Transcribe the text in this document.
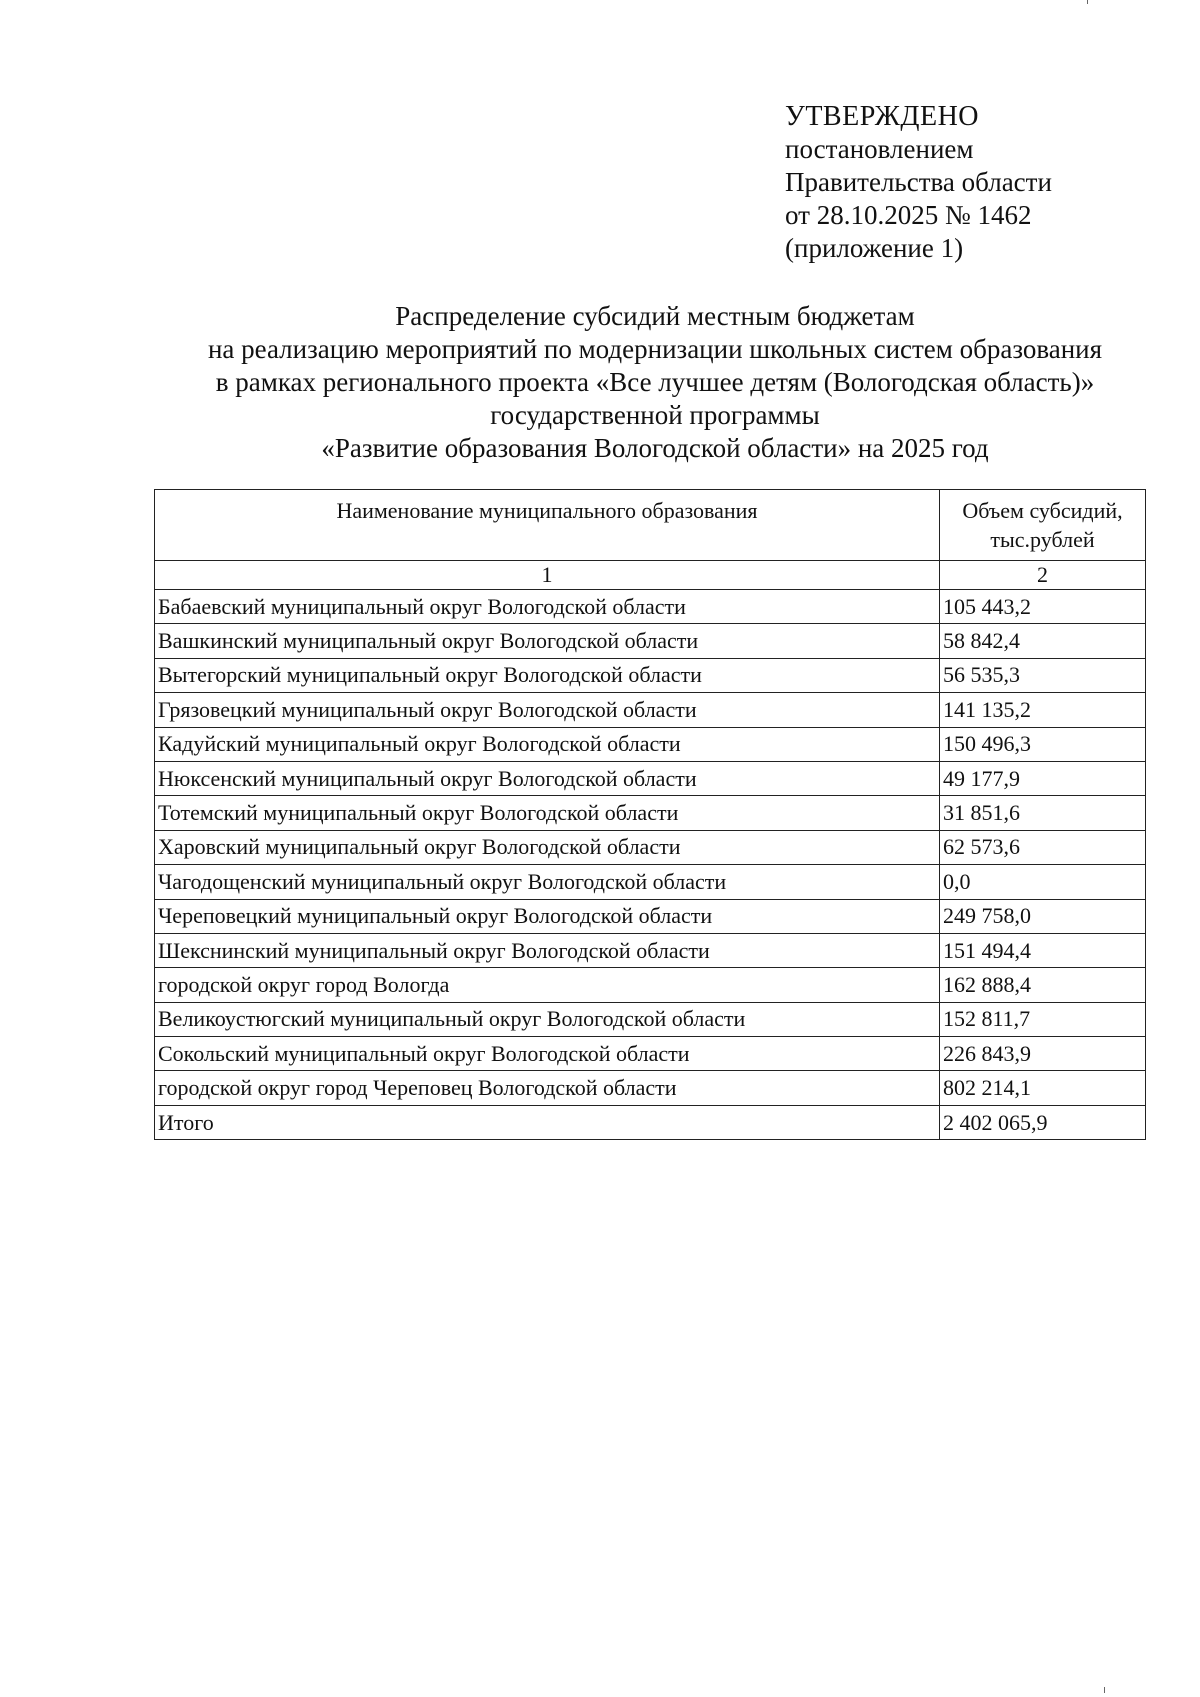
УТВЕРЖДЕНО
постановлением
Правительства области
от 28.10.2025 № 1462
(приложение 1)
Распределение субсидий местным бюджетам
на реализацию мероприятий по модернизации школьных систем образования
в рамках регионального проекта «Все лучшее детям (Вологодская область)»
государственной программы
«Развитие образования Вологодской области» на 2025 год
Наименование муниципального образования	Объем субсидий,
тыс.рублей

1	2
Бабаевский муниципальный округ Вологодской области	105 443,2
Вашкинский муниципальный округ Вологодской области	58 842,4
Вытегорский муниципальный округ Вологодской области	56 535,3
Грязовецкий муниципальный округ Вологодской области	141 135,2
Кадуйский муниципальный округ Вологодской области	150 496,3
Нюксенский муниципальный округ Вологодской области	49 177,9
Тотемский муниципальный округ Вологодской области	31 851,6
Харовский муниципальный округ Вологодской области	62 573,6
Чагодощенский муниципальный округ Вологодской области	0,0
Череповецкий муниципальный округ Вологодской области	249 758,0
Шекснинский муниципальный округ Вологодской области	151 494,4
городской округ город Вологда	162 888,4
Великоустюгский муниципальный округ Вологодской области	152 811,7
Сокольский муниципальный округ Вологодской области	226 843,9
городской округ город Череповец Вологодской области	802 214,1
Итого	2 402 065,9
